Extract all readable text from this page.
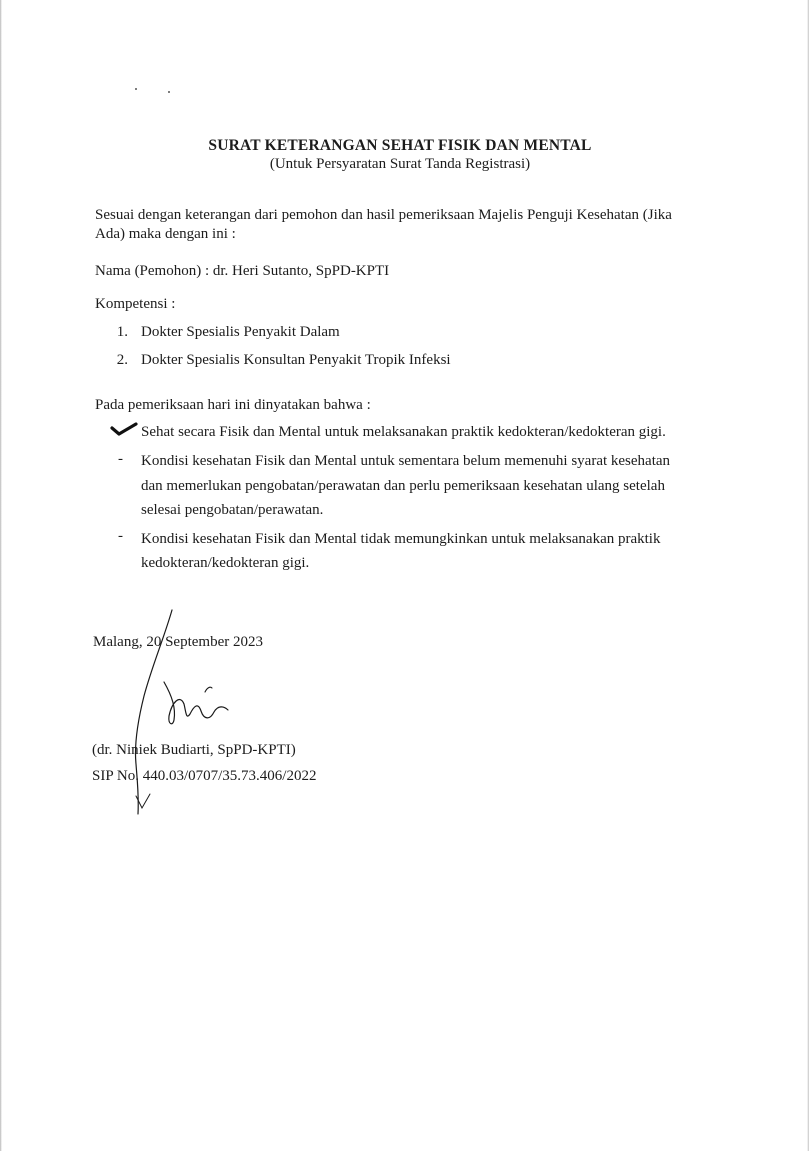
SURAT KETERANGAN SEHAT FISIK DAN MENTAL
(Untuk Persyaratan Surat Tanda Registrasi)
Sesuai dengan keterangan dari pemohon dan hasil pemeriksaan Majelis Penguji Kesehatan (Jika
Ada) maka dengan ini :
Nama (Pemohon) : dr. Heri Sutanto, SpPD-KPTI
Kompetensi :
1. Dokter Spesialis Penyakit Dalam
2. Dokter Spesialis Konsultan Penyakit Tropik Infeksi
Pada pemeriksaan hari ini dinyatakan bahwa :
Sehat secara Fisik dan Mental untuk melaksanakan praktik kedokteran/kedokteran gigi.
- Kondisi kesehatan Fisik dan Mental untuk sementara belum memenuhi syarat kesehatan
dan memerlukan pengobatan/perawatan dan perlu pemeriksaan kesehatan ulang setelah
selesai pengobatan/perawatan.
- Kondisi kesehatan Fisik dan Mental tidak memungkinkan untuk melaksanakan praktik
kedokteran/kedokteran gigi.
Malang, 20 September 2023
(dr. Niniek Budiarti, SpPD-KPTI)
SIP No. 440.03/0707/35.73.406/2022
